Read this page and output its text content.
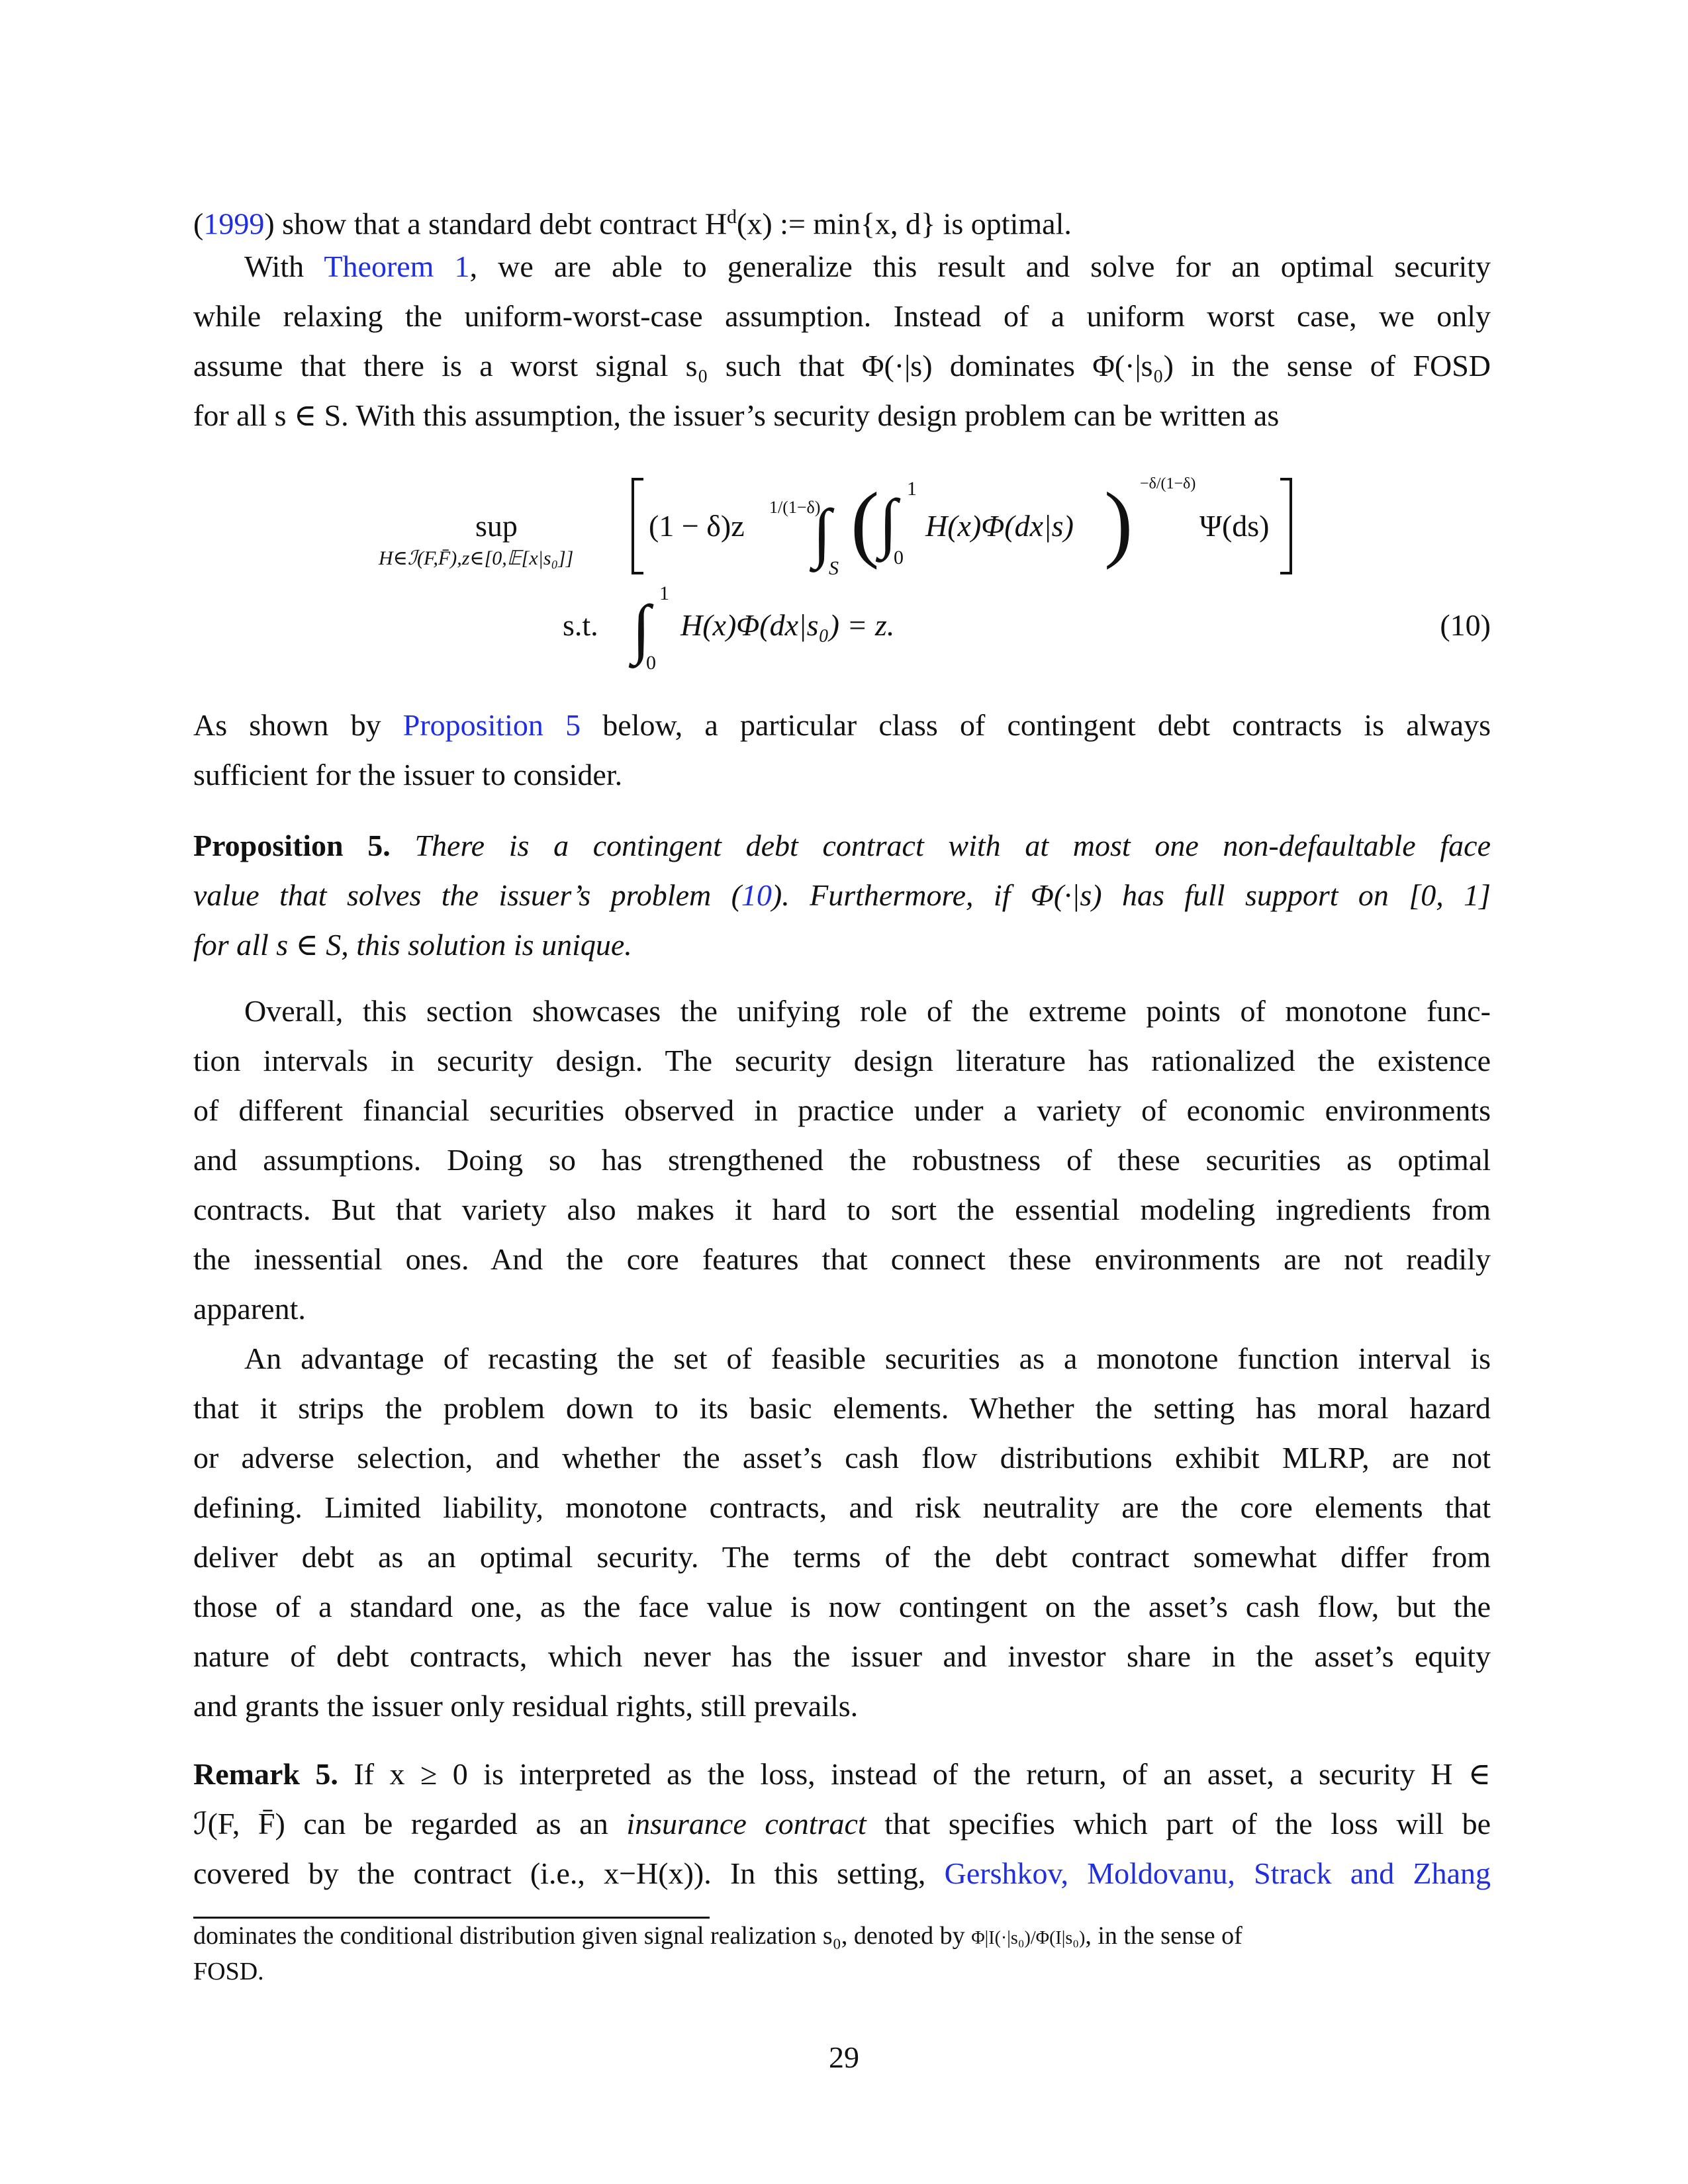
(1999) show that a standard debt contract $H^d(x)$ := min{x, d} is optimal.
With Theorem 1, we are able to generalize this result and solve for an optimal security
while relaxing the uniform-worst-case assumption. Instead of a uniform worst case, we only
assume that there is a worst signal s₀ such that Φ(·|s) dominates Φ(·|s₀) in the sense of FOSD
for all s ∈ S. With this assumption, the issuer’s security design problem can be written as
sup
H∈ℐ(F,F̄),z∈[0,𝔼[x|s₀]]
(1 − δ)z
1/(1−δ)
∫
S ( ∫ 1
0
H(x)Φ(dx|s) ) −δ/(1−δ)
Ψ(ds)
s.t. ∫ 1
0
H(x)Φ(dx|s₀) = z.	(10)
As shown by Proposition 5 below, a particular class of contingent debt contracts is always
sufficient for the issuer to consider.
Proposition 5. There is a contingent debt contract with at most one non-defaultable face
value that solves the issuer’s problem (10). Furthermore, if Φ(·|s) has full support on [0, 1]
for all s ∈ S, this solution is unique.
Overall, this section showcases the unifying role of the extreme points of monotone func-
tion intervals in security design. The security design literature has rationalized the existence
of different financial securities observed in practice under a variety of economic environments
and assumptions. Doing so has strengthened the robustness of these securities as optimal
contracts. But that variety also makes it hard to sort the essential modeling ingredients from
the inessential ones. And the core features that connect these environments are not readily
apparent.
An advantage of recasting the set of feasible securities as a monotone function interval is
that it strips the problem down to its basic elements. Whether the setting has moral hazard
or adverse selection, and whether the asset’s cash flow distributions exhibit MLRP, are not
defining. Limited liability, monotone contracts, and risk neutrality are the core elements that
deliver debt as an optimal security. The terms of the debt contract somewhat differ from
those of a standard one, as the face value is now contingent on the asset’s cash flow, but the
nature of debt contracts, which never has the issuer and investor share in the asset’s equity
and grants the issuer only residual rights, still prevails.
Remark 5. If x ≥ 0 is interpreted as the loss, instead of the return, of an asset, a security H ∈
ℐ(F, F̄) can be regarded as an insurance contract that specifies which part of the loss will be
covered by the contract (i.e., x−H(x)). In this setting, Gershkov, Moldovanu, Strack and Zhang
dominates the conditional distribution given signal realization s₀, denoted by Φ|I(·|s₀)/Φ(I|s₀), in the sense of
FOSD.
29
